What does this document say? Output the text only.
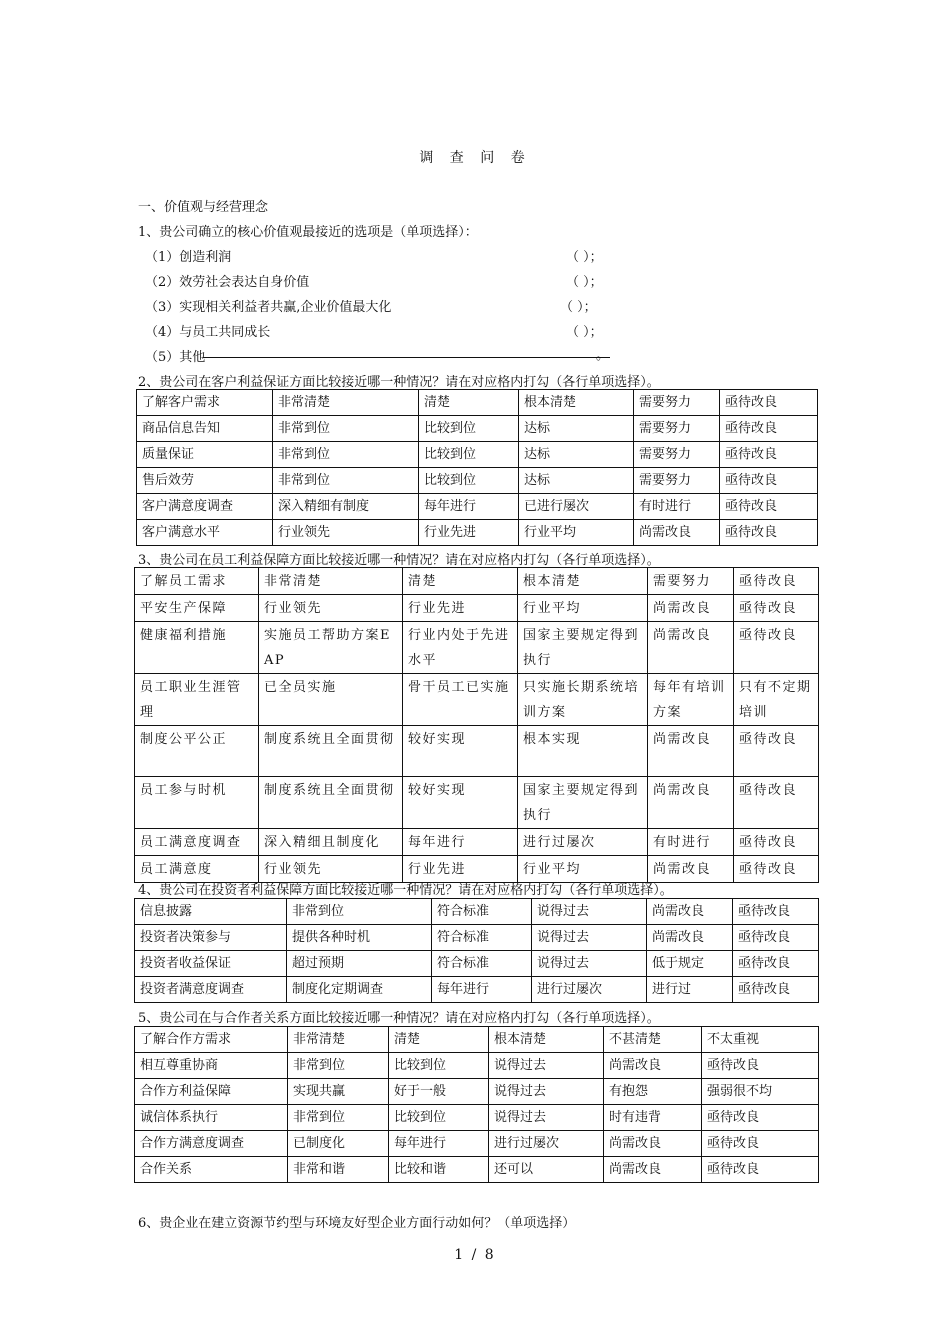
调 查 问 卷
一、价值观与经营理念
1、贵公司确立的核心价值观最接近的选项是（单项选择）：
（1）创造利润	（ ）；
（2）效劳社会表达自身价值	（ ）；
（3）实现相关利益者共赢,企业价值最大化	（ ）；
（4）与员工共同成长	（ ）；
（5）其他	。
2、贵公司在客户利益保证方面比较接近哪一种情况？请在对应格内打勾（各行单项选择）。
了解客户需求	非常清楚	清楚	根本清楚	需要努力	亟待改良
商品信息告知	非常到位	比较到位	达标	需要努力	亟待改良
质量保证	非常到位	比较到位	达标	需要努力	亟待改良
售后效劳	非常到位	比较到位	达标	需要努力	亟待改良
客户满意度调查	深入精细有制度	每年进行	已进行屡次	有时进行	亟待改良
客户满意水平	行业领先	行业先进	行业平均	尚需改良	亟待改良
3、贵公司在员工利益保障方面比较接近哪一种情况？请在对应格内打勾（各行单项选择）。
了解员工需求	非常清楚	清楚	根本清楚	需要努力	亟待改良
平安生产保障	行业领先	行业先进	行业平均	尚需改良	亟待改良
健康福利措施	实施员工帮助方案EAP	行业内处于先进水平	国家主要规定得到执行	尚需改良	亟待改良
员工职业生涯管理	已全员实施	骨干员工已实施	只实施长期系统培训方案	每年有培训方案	只有不定期培训
制度公平公正	制度系统且全面贯彻	较好实现	根本实现	尚需改良	亟待改良
员工参与时机	制度系统且全面贯彻	较好实现	国家主要规定得到执行	尚需改良	亟待改良
员工满意度调查	深入精细且制度化	每年进行	进行过屡次	有时进行	亟待改良
员工满意度	行业领先	行业先进	行业平均	尚需改良	亟待改良
4、贵公司在投资者利益保障方面比较接近哪一种情况？请在对应格内打勾（各行单项选择）。
信息披露	非常到位	符合标准	说得过去	尚需改良	亟待改良
投资者决策参与	提供各种时机	符合标准	说得过去	尚需改良	亟待改良
投资者收益保证	超过预期	符合标准	说得过去	低于规定	亟待改良
投资者满意度调查	制度化定期调查	每年进行	进行过屡次	进行过	亟待改良
5、贵公司在与合作者关系方面比较接近哪一种情况？请在对应格内打勾（各行单项选择）。
了解合作方需求	非常清楚	清楚	根本清楚	不甚清楚	不太重视
相互尊重协商	非常到位	比较到位	说得过去	尚需改良	亟待改良
合作方利益保障	实现共赢	好于一般	说得过去	有抱怨	强弱很不均
诚信体系执行	非常到位	比较到位	说得过去	时有违背	亟待改良
合作方满意度调查	已制度化	每年进行	进行过屡次	尚需改良	亟待改良
合作关系	非常和谐	比较和谐	还可以	尚需改良	亟待改良
6、贵企业在建立资源节约型与环境友好型企业方面行动如何？（单项选择）
1 / 8
